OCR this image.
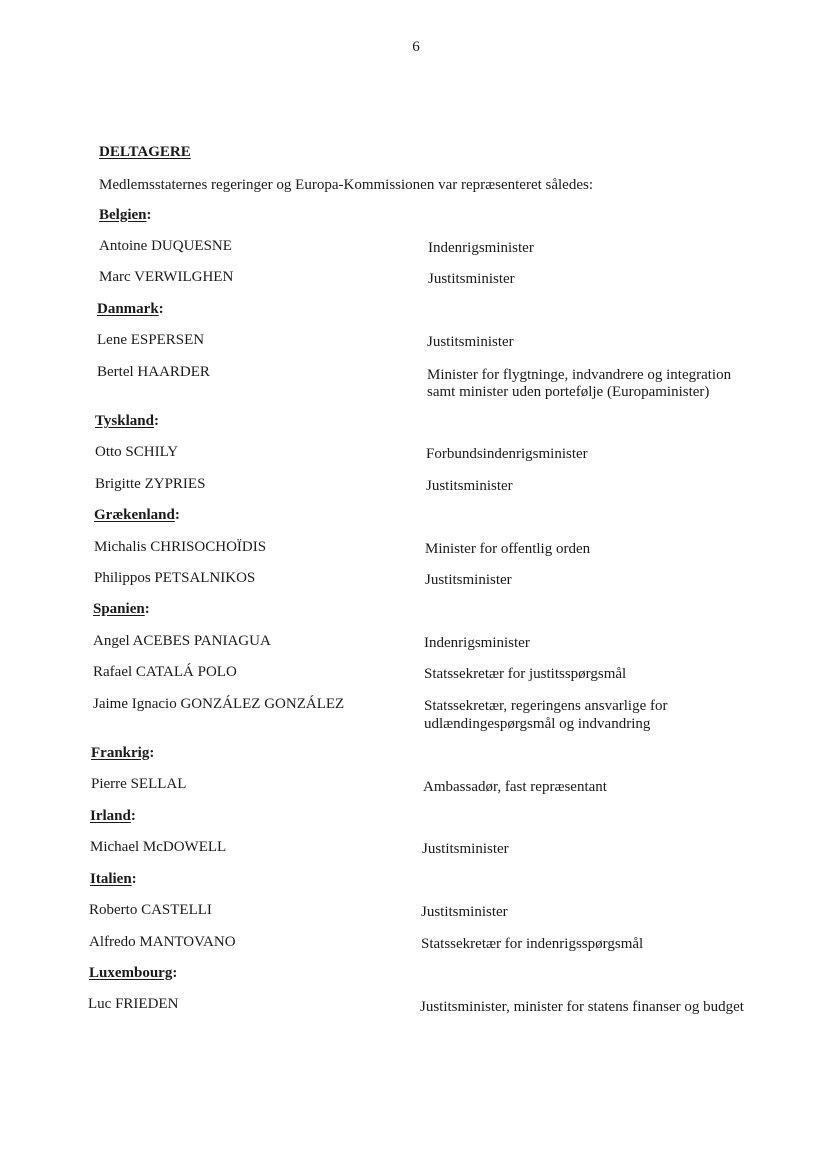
6
DELTAGERE
Medlemsstaternes regeringer og Europa-Kommissionen var repræsenteret således:
Belgien:
Antoine DUQUESNE	Indenrigsminister
Marc VERWILGHEN	Justitsminister
Danmark:
Lene ESPERSEN	Justitsminister
Bertel HAARDER	Minister for flygtninge, indvandrere og integration
samt minister uden portefølje (Europaminister)
Tyskland:
Otto SCHILY	Forbundsindenrigsminister
Brigitte ZYPRIES	Justitsminister
Grækenland:
Michalis CHRISOCHOÏDIS	Minister for offentlig orden
Philippos PETSALNIKOS	Justitsminister
Spanien:
Angel ACEBES PANIAGUA	Indenrigsminister
Rafael CATALÁ POLO	Statssekretær for justitsspørgsmål
Jaime Ignacio GONZÁLEZ GONZÁLEZ	Statssekretær, regeringens ansvarlige for
udlændingespørgsmål og indvandring
Frankrig:
Pierre SELLAL	Ambassadør, fast repræsentant
Irland:
Michael McDOWELL	Justitsminister
Italien:
Roberto CASTELLI	Justitsminister
Alfredo MANTOVANO	Statssekretær for indenrigsspørgsmål
Luxembourg:
Luc FRIEDEN	Justitsminister, minister for statens finanser og budget
